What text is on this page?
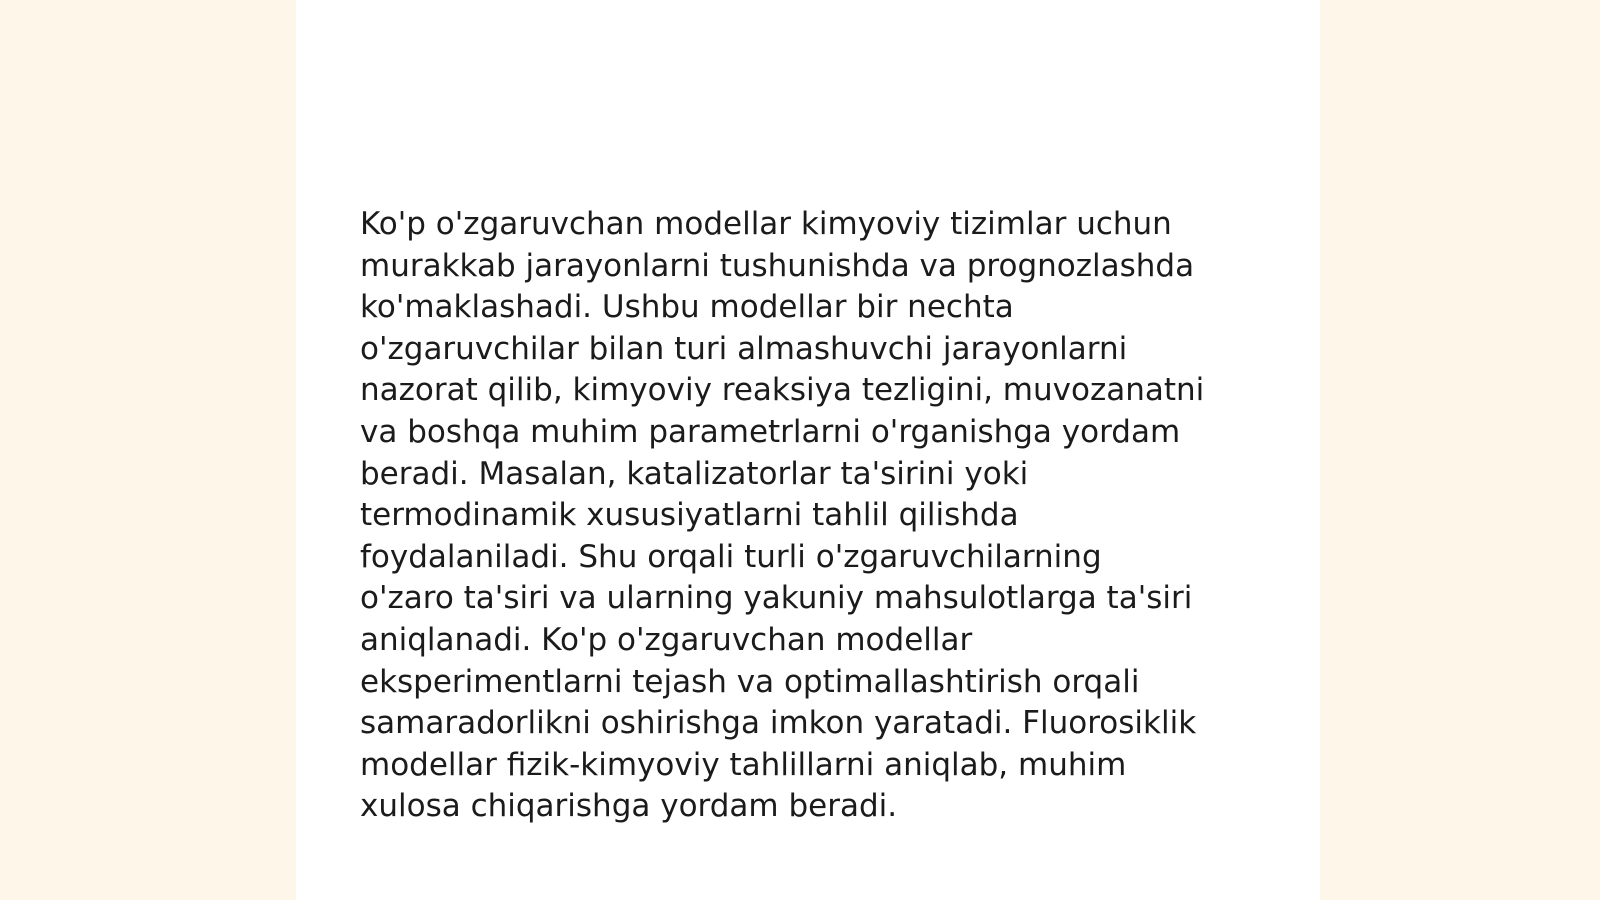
Ko'p o'zgaruvchan modellar kimyoviy tizimlar uchun
murakkab jarayonlarni tushunishda va prognozlashda
ko'maklashadi. Ushbu modellar bir nechta
o'zgaruvchilar bilan turi almashuvchi jarayonlarni
nazorat qilib, kimyoviy reaksiya tezligini, muvozanatni
va boshqa muhim parametrlarni o'rganishga yordam
beradi. Masalan, katalizatorlar ta'sirini yoki
termodinamik xususiyatlarni tahlil qilishda
foydalaniladi. Shu orqali turli o'zgaruvchilarning
o'zaro ta'siri va ularning yakuniy mahsulotlarga ta'siri
aniqlanadi. Ko'p o'zgaruvchan modellar
eksperimentlarni tejash va optimallashtirish orqali
samaradorlikni oshirishga imkon yaratadi. Fluorosiklik
modellar fizik-kimyoviy tahlillarni aniqlab, muhim
xulosa chiqarishga yordam beradi.
